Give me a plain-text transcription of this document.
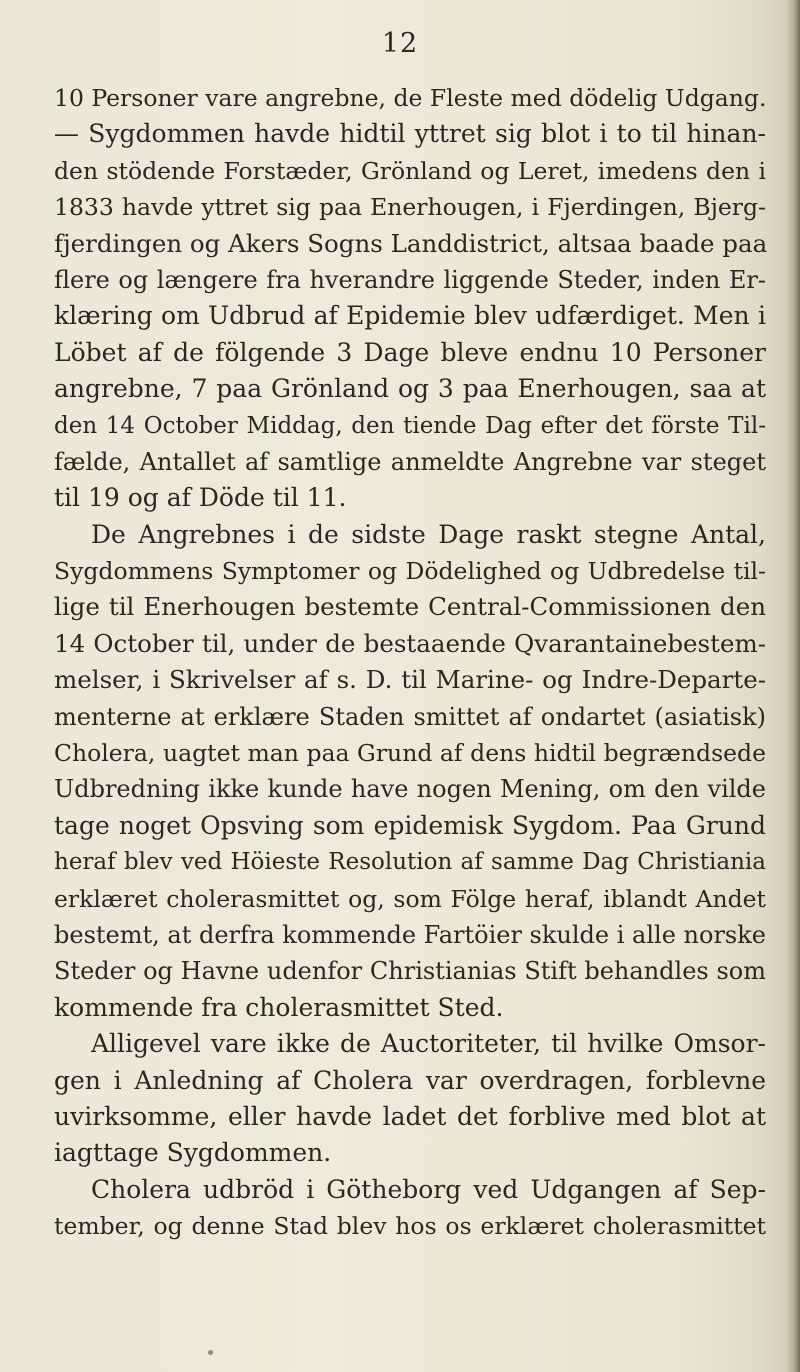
12
10 Personer vare angrebne, de Fleste med dödelig Udgang.
— Sygdommen havde hidtil yttret sig blot i to til hinan-
den stödende Forstæder, Grönland og Leret, imedens den i
1833 havde yttret sig paa Enerhougen, i Fjerdingen, Bjerg-
fjerdingen og Akers Sogns Landdistrict, altsaa baade paa
flere og længere fra hverandre liggende Steder, inden Er-
klæring om Udbrud af Epidemie blev udfærdiget. Men i
Löbet af de fölgende 3 Dage bleve endnu 10 Personer
angrebne, 7 paa Grönland og 3 paa Enerhougen, saa at
den 14 October Middag, den tiende Dag efter det förste Til-
fælde, Antallet af samtlige anmeldte Angrebne var steget
til 19 og af Döde til 11.
De Angrebnes i de sidste Dage raskt stegne Antal,
Sygdommens Symptomer og Dödelighed og Udbredelse til-
lige til Enerhougen bestemte Central-Commissionen den
14 October til, under de bestaaende Qvarantainebestem-
melser, i Skrivelser af s. D. til Marine- og Indre-Departe-
menterne at erklære Staden smittet af ondartet (asiatisk)
Cholera, uagtet man paa Grund af dens hidtil begrændsede
Udbredning ikke kunde have nogen Mening, om den vilde
tage noget Opsving som epidemisk Sygdom. Paa Grund
heraf blev ved Höieste Resolution af samme Dag Christiania
erklæret cholerasmittet og, som Fölge heraf, iblandt Andet
bestemt, at derfra kommende Fartöier skulde i alle norske
Steder og Havne udenfor Christianias Stift behandles som
kommende fra cholerasmittet Sted.
Alligevel vare ikke de Auctoriteter, til hvilke Omsor-
gen i Anledning af Cholera var overdragen, forblevne
uvirksomme, eller havde ladet det forblive med blot at
iagttage Sygdommen.
Cholera udbröd i Götheborg ved Udgangen af Sep-
tember, og denne Stad blev hos os erklæret cholerasmittet
